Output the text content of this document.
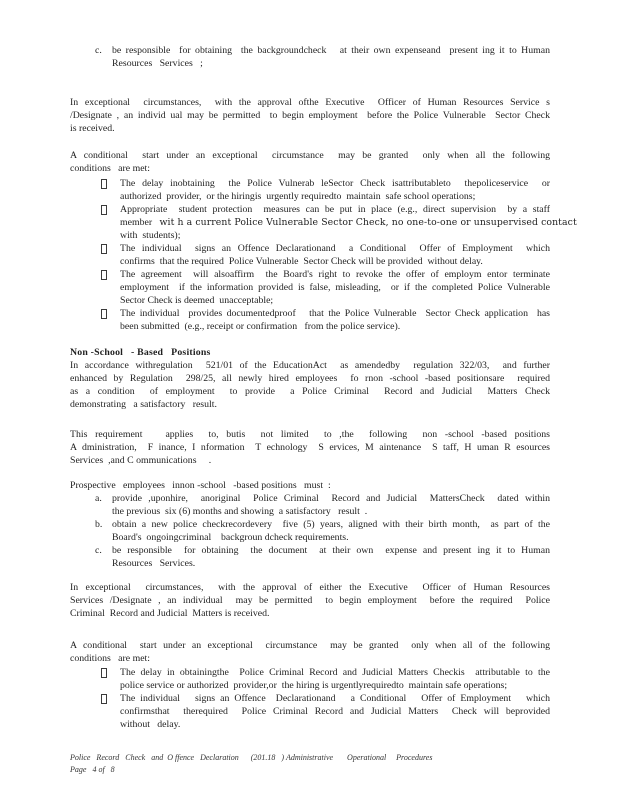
c.	be responsible  for obtaining  the backgroundcheck   at their own expenseand  present ing it to Human
Resources   Services   ;
In exceptional  circumstances,  with the approval ofthe Executive  Officer of Human Resources Service s
/Designate , an individ ual may be permitted  to begin employment  before the Police Vulnerable  Sector Check
is received.
A conditional  start under an exceptional  circumstance  may be granted  only when all the following
conditions   are met:
The delay inobtaining  the Police Vulnerab leSector Check isattributableto  thepoliceservice  or
authorized  provider,  or the hiringis  urgently requiredto  maintain  safe school operations;
Appropriate  student protection  measures can be put in place (e.g., direct supervision  by a staff
member   wit h a current Police Vulnerable Sector Check, no one-to-one or unsupervised contact
with  students);
The individual  signs an Offence Declarationand  a Conditional  Offer of Employment  which
confirms  that the required  Police Vulnerable  Sector Check will be provided  without delay.
The agreement  will alsoaffirm  the Board's right to revoke the offer of employm entor terminate
employment  if the information provided is false, misleading,  or if the completed Police Vulnerable
Sector Check is deemed  unacceptable;
The individual  provides documentedproof   that the Police Vulnerable  Sector Check application  has
been submitted  (e.g., receipt or confirmation   from the police service).
Non -School   - Based   Positions
In accordance withregulation  521/01 of the EducationAct  as amendedby  regulation 322/03,  and further
enhanced by Regulation  298/25, all newly hired employees  fo rnon -school -based positionsare  required
as a condition  of employment  to provide  a Police Criminal  Record and Judicial  Matters Check
demonstrating   a satisfactory   result.
This requirement   applies  to, butis  not limited  to ,the  following  non -school -based positions
A dministration,  F inance, I nformation  T echnology  S ervices, M aintenance  S taff, H uman R esources
Services  ,and C ommunications     .
Prospective   employees   innon -school   -based positions   must  :
a.	provide ,uponhire,  anoriginal  Police Criminal  Record and Judicial  MattersCheck  dated within
the previous  six (6) months and showing  a satisfactory   result  .
b. obtain a new police checkrecordevery  five (5) years, aligned with their birth month,  as part of the
Board's  ongoingcriminal    backgroun dcheck requirements.
c.	be responsible  for obtaining  the document  at their own  expense and present ing it to Human
Resources   Services.
In exceptional  circumstances,  with the approval of either the Executive  Officer of Human Resources
Services /Designate , an individual  may be permitted  to begin employment  before the required  Police
Criminal  Record and Judicial  Matters is received.
A conditional  start under an exceptional  circumstance  may be granted  only when all of the following
conditions   are met:
The delay in obtainingthe  Police Criminal Record and Judicial Matters Checkis  attributable to the
police service or authorized  provider,or  the hiring is urgentlyrequiredto  maintain safe operations;
The individual   signs an Offence  Declarationand   a Conditional   Offer of Employment   which
confirmsthat  therequired  Police Criminal Record and Judicial Matters  Check will beprovided
without   delay.
Police   Record   Check   and  O ffence   Declaration      (201.18   ) Administrative       Operational     Procedures
Page   4 of   8
